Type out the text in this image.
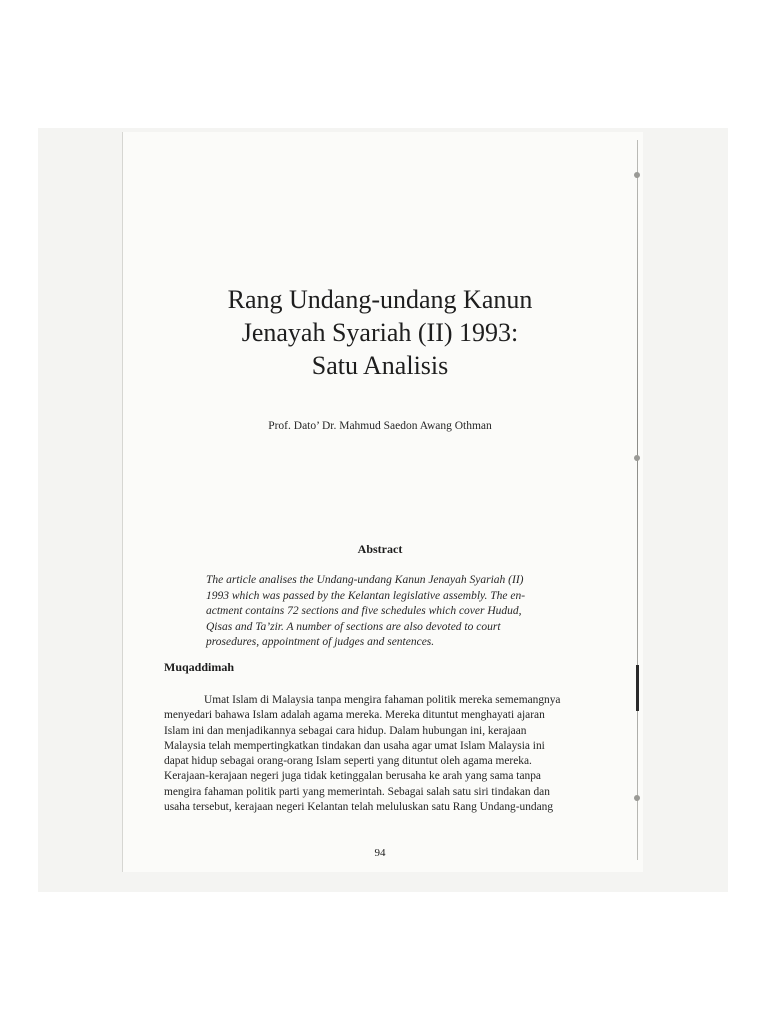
Rang Undang-undang Kanun
Jenayah Syariah (II) 1993:
Satu Analisis
Prof. Dato’ Dr. Mahmud Saedon Awang Othman
Abstract
The article analises the Undang-undang Kanun Jenayah Syariah (II)
1993 which was passed by the Kelantan legislative assembly. The en-
actment contains 72 sections and five schedules which cover Hudud,
Qisas and Ta’zir. A number of sections are also devoted to court
prosedures, appointment of judges and sentences.
Muqaddimah
Umat Islam di Malaysia tanpa mengira fahaman politik mereka sememangnya
menyedari bahawa Islam adalah agama mereka. Mereka dituntut menghayati ajaran
Islam ini dan menjadikannya sebagai cara hidup. Dalam hubungan ini, kerajaan
Malaysia telah mempertingkatkan tindakan dan usaha agar umat Islam Malaysia ini
dapat hidup sebagai orang-orang Islam seperti yang dituntut oleh agama mereka.
Kerajaan-kerajaan negeri juga tidak ketinggalan berusaha ke arah yang sama tanpa
mengira fahaman politik parti yang memerintah. Sebagai salah satu siri tindakan dan
usaha tersebut, kerajaan negeri Kelantan telah meluluskan satu Rang Undang-undang
94
